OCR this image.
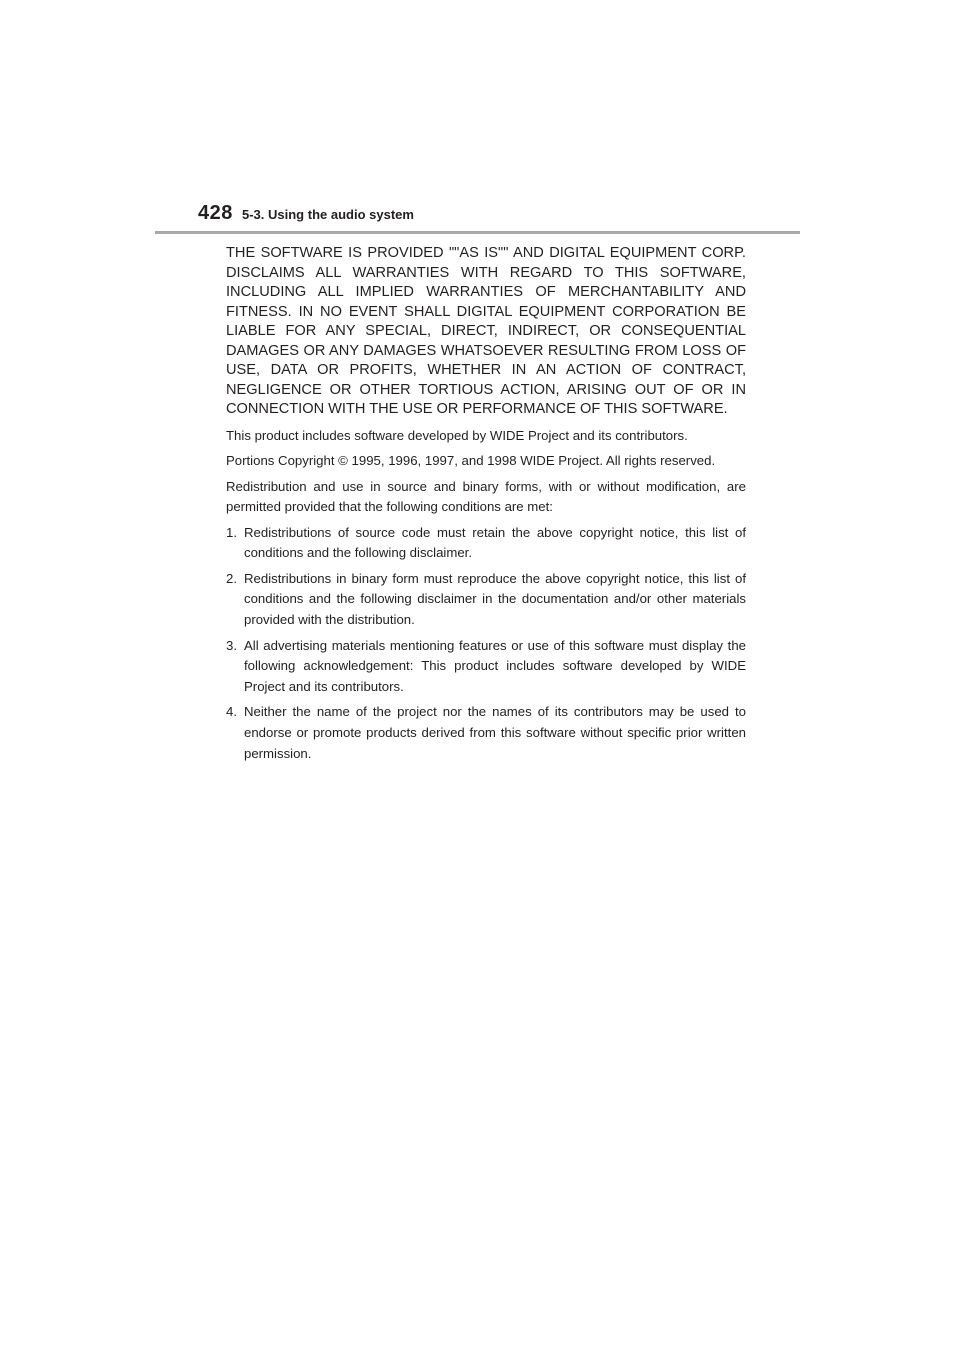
428 5-3. Using the audio system

THE SOFTWARE IS PROVIDED ""AS IS"" AND DIGITAL EQUIPMENT CORP. DISCLAIMS ALL WARRANTIES WITH REGARD TO THIS SOFTWARE, INCLUDING ALL IMPLIED WARRANTIES OF MERCHANTABILITY AND FITNESS. IN NO EVENT SHALL DIGITAL EQUIPMENT CORPORATION BE LIABLE FOR ANY SPECIAL, DIRECT, INDIRECT, OR CONSEQUENTIAL DAMAGES OR ANY DAMAGES WHATSOEVER RESULTING FROM LOSS OF USE, DATA OR PROFITS, WHETHER IN AN ACTION OF CONTRACT, NEGLIGENCE OR OTHER TORTIOUS ACTION, ARISING OUT OF OR IN CONNECTION WITH THE USE OR PERFORMANCE OF THIS SOFTWARE.

This product includes software developed by WIDE Project and its contributors.

Portions Copyright © 1995, 1996, 1997, and 1998 WIDE Project. All rights reserved.

Redistribution and use in source and binary forms, with or without modification, are permitted provided that the following conditions are met:

1. Redistributions of source code must retain the above copyright notice, this list of conditions and the following disclaimer.
2. Redistributions in binary form must reproduce the above copyright notice, this list of conditions and the following disclaimer in the documentation and/or other materials provided with the distribution.
3. All advertising materials mentioning features or use of this software must display the following acknowledgement: This product includes software developed by WIDE Project and its contributors.
4. Neither the name of the project nor the names of its contributors may be used to endorse or promote products derived from this software without specific prior written permission.
